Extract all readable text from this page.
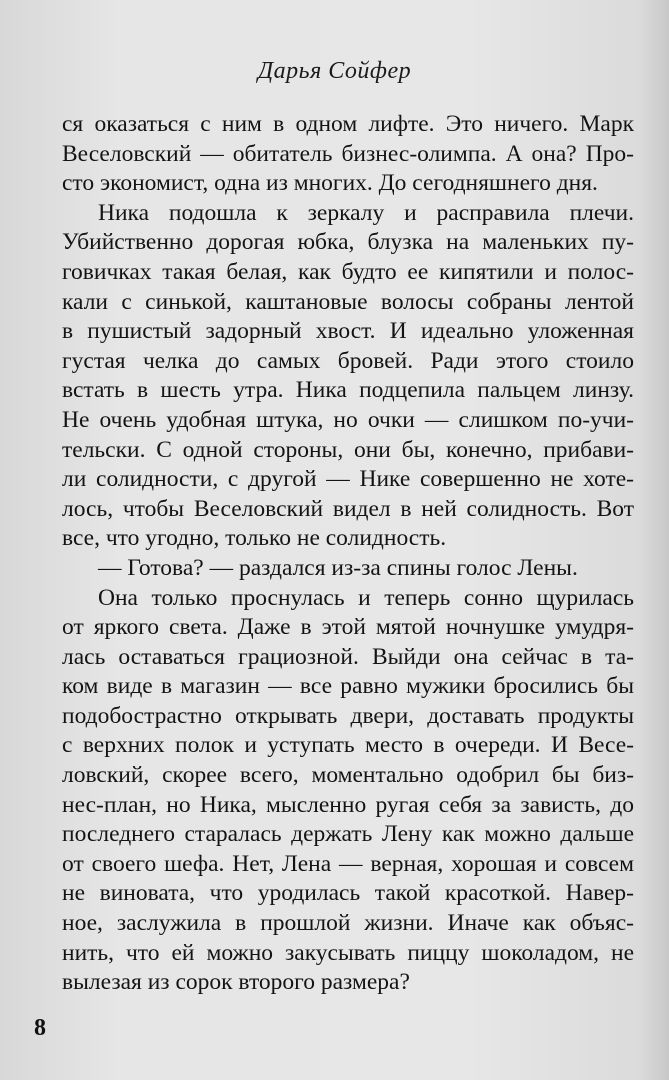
Дарья Сойфер
ся оказаться с ним в одном лифте. Это ничего. Марк
Веселовский — обитатель бизнес-олимпа. А она? Про-
сто экономист, одна из многих. До сегодняшнего дня.
Ника подошла к зеркалу и расправила плечи.
Убийственно дорогая юбка, блузка на маленьких пу-
говичках такая белая, как будто ее кипятили и полос-
кали с синькой, каштановые волосы собраны лентой
в пушистый задорный хвост. И идеально уложенная
густая челка до самых бровей. Ради этого стоило
встать в шесть утра. Ника подцепила пальцем линзу.
Не очень удобная штука, но очки — слишком по-учи-
тельски. С одной стороны, они бы, конечно, прибави-
ли солидности, с другой — Нике совершенно не хоте-
лось, чтобы Веселовский видел в ней солидность. Вот
все, что угодно, только не солидность.
— Готова? — раздался из-за спины голос Лены.
Она только проснулась и теперь сонно щурилась
от яркого света. Даже в этой мятой ночнушке умудря-
лась оставаться грациозной. Выйди она сейчас в та-
ком виде в магазин — все равно мужики бросились бы
подобострастно открывать двери, доставать продукты
с верхних полок и уступать место в очереди. И Весе-
ловский, скорее всего, моментально одобрил бы биз-
нес-план, но Ника, мысленно ругая себя за зависть, до
последнего старалась держать Лену как можно дальше
от своего шефа. Нет, Лена — верная, хорошая и совсем
не виновата, что уродилась такой красоткой. Навер-
ное, заслужила в прошлой жизни. Иначе как объяс-
нить, что ей можно закусывать пиццу шоколадом, не
вылезая из сорок второго размера?
8
